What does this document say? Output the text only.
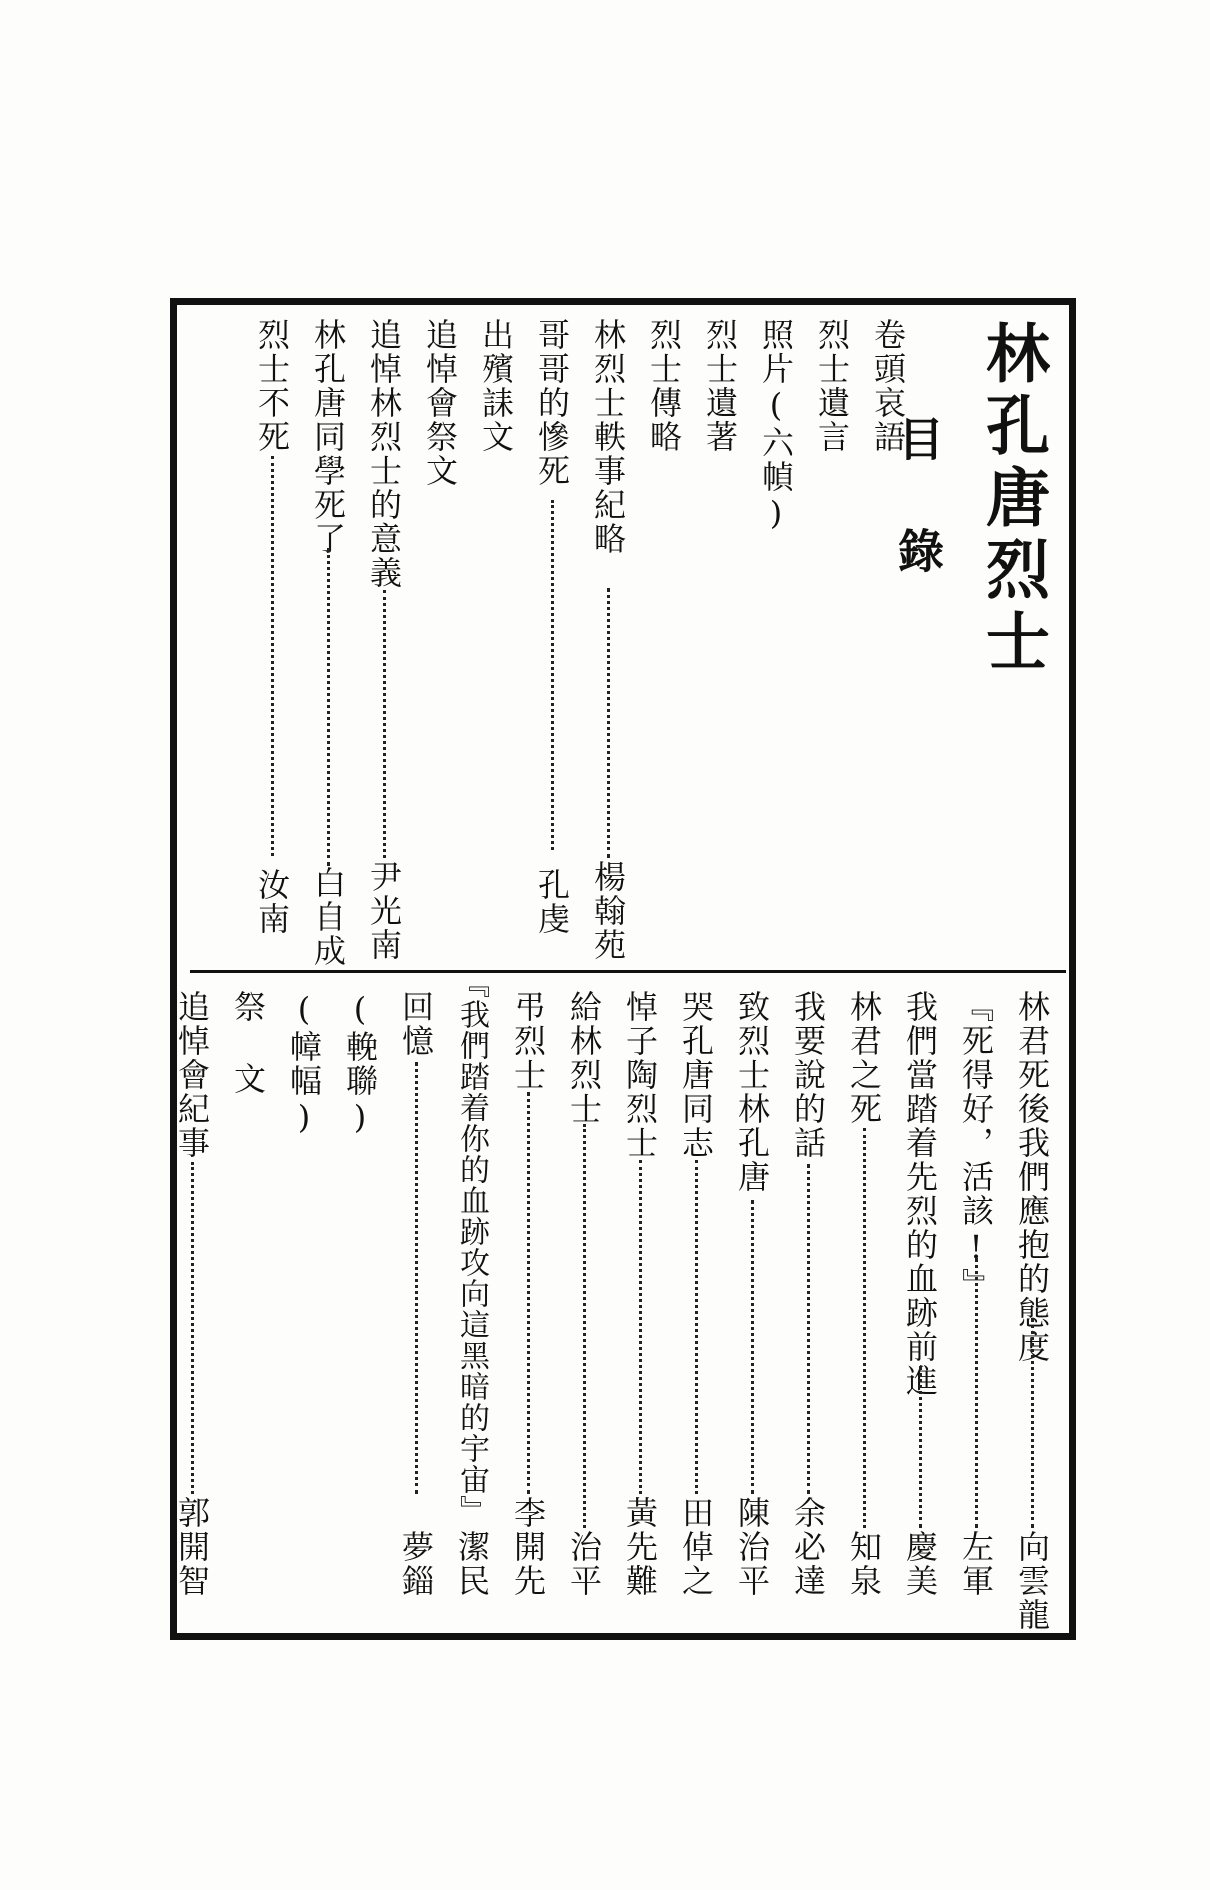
林孔唐烈士
目錄
卷頭哀語
烈士遺言
照片(六幀)
烈士遺著
烈士傳略
林烈士軼事紀略
楊翰苑
哥哥的慘死
孔虔
出殯誄文
追悼會祭文
追悼林烈士的意義
尹光南
林孔唐同學死了
白自成
烈士不死
汝南
林君死後我們應抱的態度
向雲龍
『死得好，活該!』
左軍
我們當踏着先烈的血跡前進
慶美
林君之死
知泉
我要說的話
余必達
致烈士林孔唐
陳治平
哭孔唐同志
田倬之
悼子陶烈士
黃先難
給林烈士
治平
弔烈士
李開先
『我們踏着你的血跡攻向這黑暗的宇宙』
潔民
回憶
夢錙
(輓聯)
(幛幅)
祭文
追悼會紀事
郭開智
